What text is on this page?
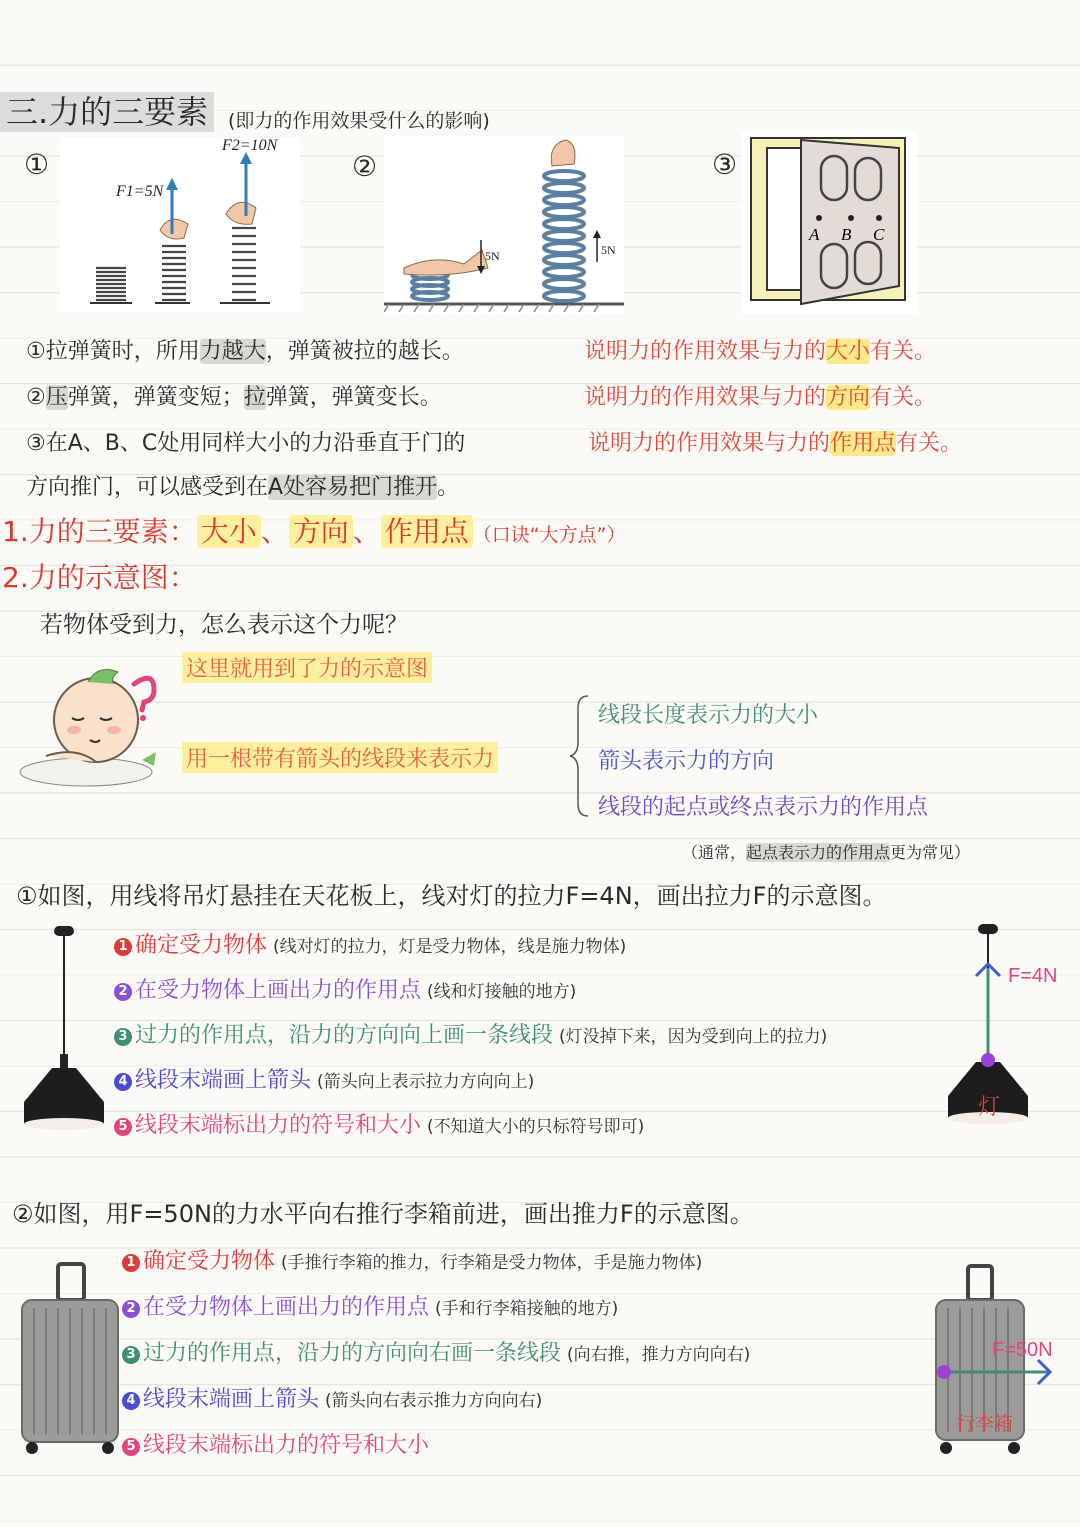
三.力的三要素	(即力的作用效果受什么的影响)
①	②	③
F1=5N
F2=10N
5N	5N
A B C
①拉弹簧时，所用力越大，弹簧被拉的越长。	说明力的作用效果与力的大小有关。
②压弹簧，弹簧变短；拉弹簧，弹簧变长。	说明力的作用效果与力的方向有关。
③在A、B、C处用同样大小的力沿垂直于门的	说明力的作用效果与力的作用点有关。
方向推门，可以感受到在A处容易把门推开。
1.力的三要素： 大小 、 方向 、 作用点 （口诀“大方点”）
2.力的示意图：
若物体受到力，怎么表示这个力呢？
这里就用到了力的示意图
用一根带有箭头的线段来表示力
线段长度表示力的大小
箭头表示力的方向
线段的起点或终点表示力的作用点
（通常，起点表示力的作用点更为常见）
①如图，用线将吊灯悬挂在天花板上，线对灯的拉力F=4N，画出拉力F的示意图。
1 确定受力物体 (线对灯的拉力，灯是受力物体，线是施力物体)
2 在受力物体上画出力的作用点 (线和灯接触的地方)
3 过力的作用点，沿力的方向向上画一条线段 (灯没掉下来，因为受到向上的拉力)
4 线段末端画上箭头 (箭头向上表示拉力方向向上)
5 线段末端标出力的符号和大小 (不知道大小的只标符号即可)
F=4N
灯
②如图，用F=50N的力水平向右推行李箱前进，画出推力F的示意图。
1 确定受力物体 (手推行李箱的推力，行李箱是受力物体，手是施力物体)
2 在受力物体上画出力的作用点 (手和行李箱接触的地方)
3 过力的作用点，沿力的方向向右画一条线段 (向右推，推力方向向右)
4 线段末端画上箭头 (箭头向右表示推力方向向右)
5 线段末端标出力的符号和大小
F=50N
行李箱
